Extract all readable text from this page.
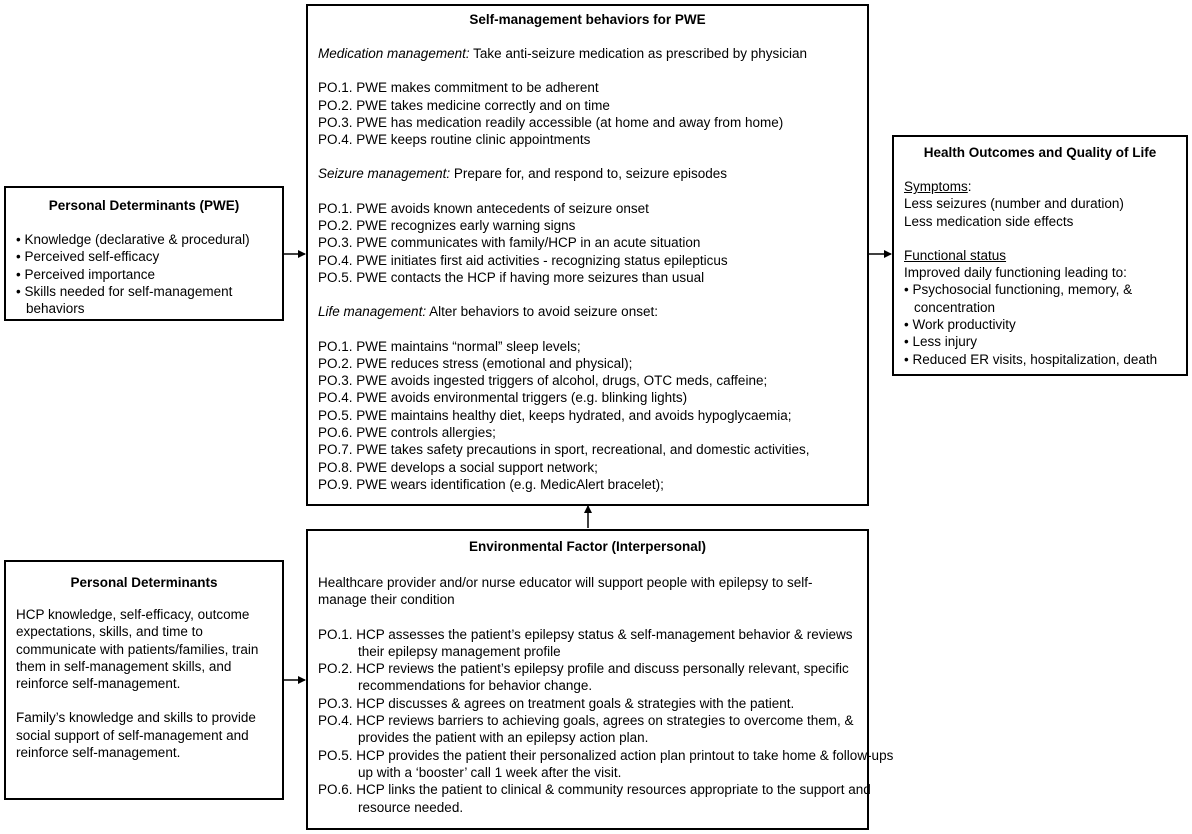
Personal Determinants (PWE)
• Knowledge (declarative & procedural)
• Perceived self-efficacy
• Perceived importance
• Skills needed for self-management behaviors
Self-management behaviors for PWE
Medication management: Take anti-seizure medication as prescribed by physician
PO.1. PWE makes commitment to be adherent
PO.2. PWE takes medicine correctly and on time
PO.3. PWE has medication readily accessible (at home and away from home)
PO.4. PWE keeps routine clinic appointments
Seizure management: Prepare for, and respond to, seizure episodes
PO.1. PWE avoids known antecedents of seizure onset
PO.2. PWE recognizes early warning signs
PO.3. PWE communicates with family/HCP in an acute situation
PO.4. PWE initiates first aid activities - recognizing status epilepticus
PO.5. PWE contacts the HCP if having more seizures than usual
Life management: Alter behaviors to avoid seizure onset:
PO.1. PWE maintains “normal” sleep levels;
PO.2. PWE reduces stress (emotional and physical);
PO.3. PWE avoids ingested triggers of alcohol, drugs, OTC meds, caffeine;
PO.4. PWE avoids environmental triggers (e.g. blinking lights)
PO.5. PWE maintains healthy diet, keeps hydrated, and avoids hypoglycaemia;
PO.6. PWE controls allergies;
PO.7. PWE takes safety precautions in sport, recreational, and domestic activities,
PO.8. PWE develops a social support network;
PO.9. PWE wears identification (e.g. MedicAlert bracelet);
Health Outcomes and Quality of Life
Symptoms:
Less seizures (number and duration)
Less medication side effects
Functional status
Improved daily functioning leading to:
• Psychosocial functioning, memory, & concentration
• Work productivity
• Less injury
• Reduced ER visits, hospitalization, death
Personal Determinants
HCP knowledge, self-efficacy, outcome expectations, skills, and time to communicate with patients/families, train them in self-management skills, and reinforce self-management.
Family’s knowledge and skills to provide social support of self-management and reinforce self-management.
Environmental Factor (Interpersonal)
Healthcare provider and/or nurse educator will support people with epilepsy to self-manage their condition
PO.1. HCP assesses the patient’s epilepsy status & self-management behavior & reviews their epilepsy management profile
PO.2. HCP reviews the patient’s epilepsy profile and discuss personally relevant, specific recommendations for behavior change.
PO.3. HCP discusses & agrees on treatment goals & strategies with the patient.
PO.4. HCP reviews barriers to achieving goals, agrees on strategies to overcome them, & provides the patient with an epilepsy action plan.
PO.5. HCP provides the patient their personalized action plan printout to take home & follow-ups up with a ‘booster’ call 1 week after the visit.
PO.6. HCP links the patient to clinical & community resources appropriate to the support and resource needed.
